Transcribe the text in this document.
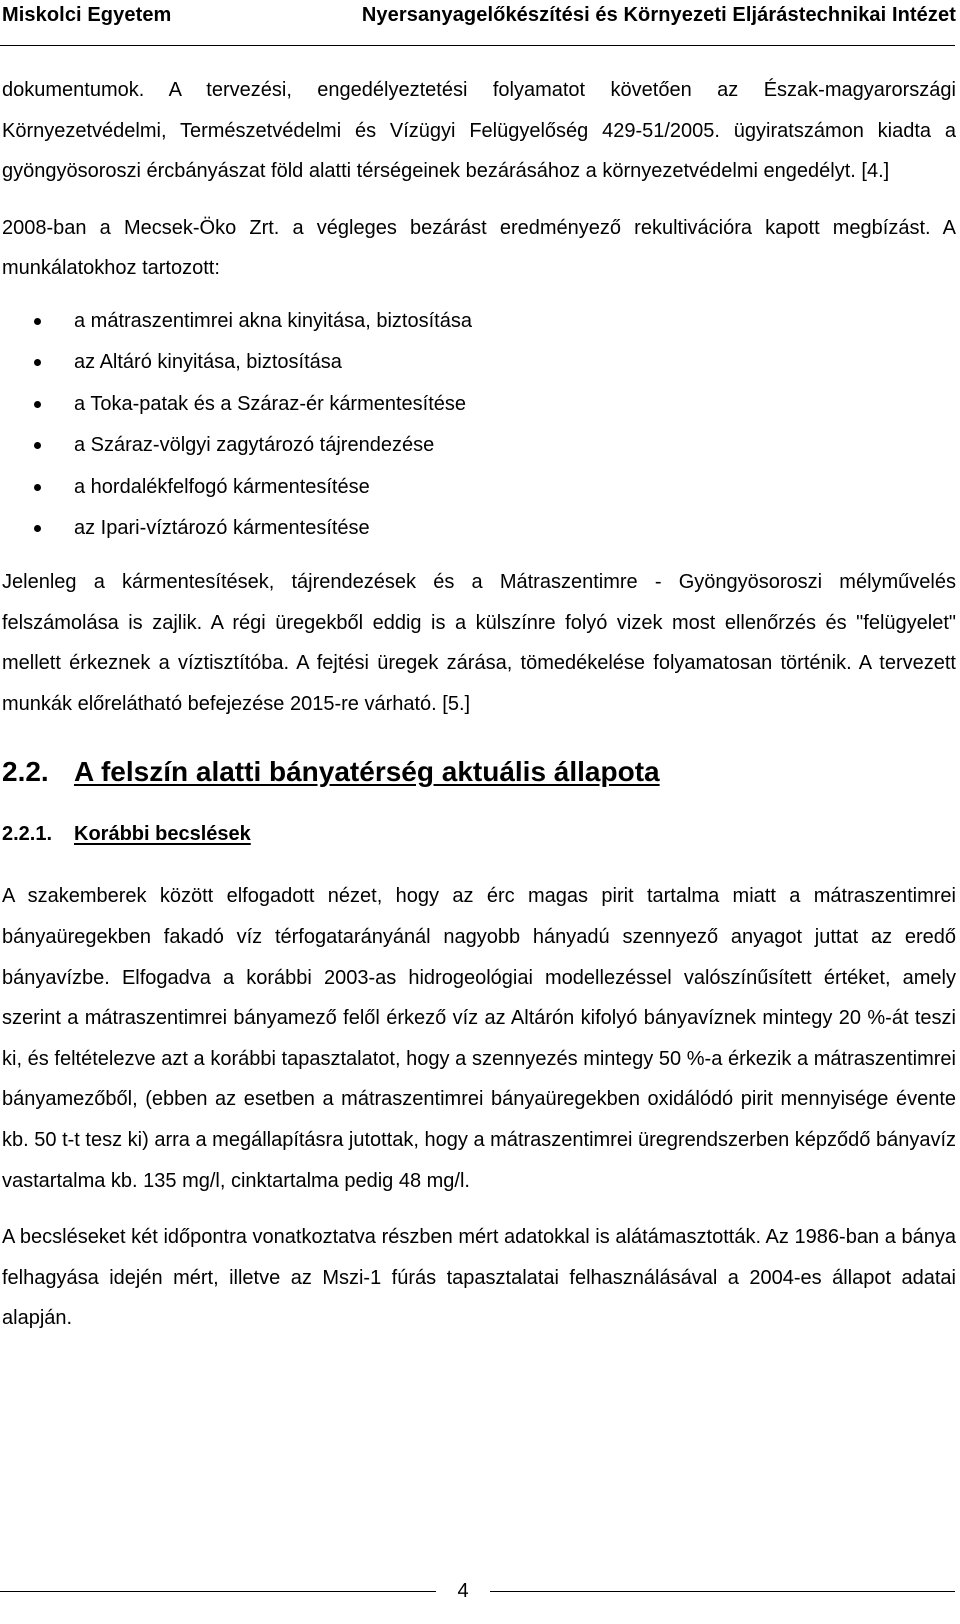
Miskolci Egyetem	Nyersanyagelőkészítési és Környezeti Eljárástechnikai Intézet

dokumentumok. A tervezési, engedélyeztetési folyamatot követően az Észak-magyarországi Környezetvédelmi, Természetvédelmi és Vízügyi Felügyelőség 429-51/2005. ügyiratszámon kiadta a gyöngyösoroszi ércbányászat föld alatti térségeinek bezárásához a környezetvédelmi engedélyt. [4.]

2008-ban a Mecsek-Öko Zrt. a végleges bezárást eredményező rekultivációra kapott megbízást. A munkálatokhoz tartozott:

a mátraszentimrei akna kinyitása, biztosítása
az Altáró kinyitása, biztosítása
a Toka-patak és a Száraz-ér kármentesítése
a Száraz-völgyi zagytározó tájrendezése
a hordalékfelfogó kármentesítése
az Ipari-víztározó kármentesítése

Jelenleg a kármentesítések, tájrendezések és a Mátraszentimre - Gyöngyösoroszi mélyművelés felszámolása is zajlik. A régi üregekből eddig is a külszínre folyó vizek most ellenőrzés és "felügyelet" mellett érkeznek a víztisztítóba. A fejtési üregek zárása, tömedékelése folyamatosan történik. A tervezett munkák előrelátható befejezése 2015-re várható. [5.]

2.2. A felszín alatti bányatérség aktuális állapota
2.2.1.	Korábbi becslések

A szakemberek között elfogadott nézet, hogy az érc magas pirit tartalma miatt a mátraszentimrei bányaüregekben fakadó víz térfogatarányánál nagyobb hányadú szennyező anyagot juttat az eredő bányavízbe. Elfogadva a korábbi 2003-as hidrogeológiai modellezéssel valószínűsített értéket, amely szerint a mátraszentimrei bányamező felől érkező víz az Altárón kifolyó bányavíznek mintegy 20 %-át teszi ki, és feltételezve azt a korábbi tapasztalatot, hogy a szennyezés mintegy 50 %-a érkezik a mátraszentimrei bányamezőből, (ebben az esetben a mátraszentimrei bányaüregekben oxidálódó pirit mennyisége évente kb. 50 t-t tesz ki) arra a megállapításra jutottak, hogy a mátraszentimrei üregrendszerben képződő bányavíz vastartalma kb. 135 mg/l, cinktartalma pedig 48 mg/l.

A becsléseket két időpontra vonatkoztatva részben mért adatokkal is alátámasztották. Az 1986-ban a bánya felhagyása idején mért, illetve az Mszi-1 fúrás tapasztalatai felhasználásával a 2004-es állapot adatai alapján.

4
